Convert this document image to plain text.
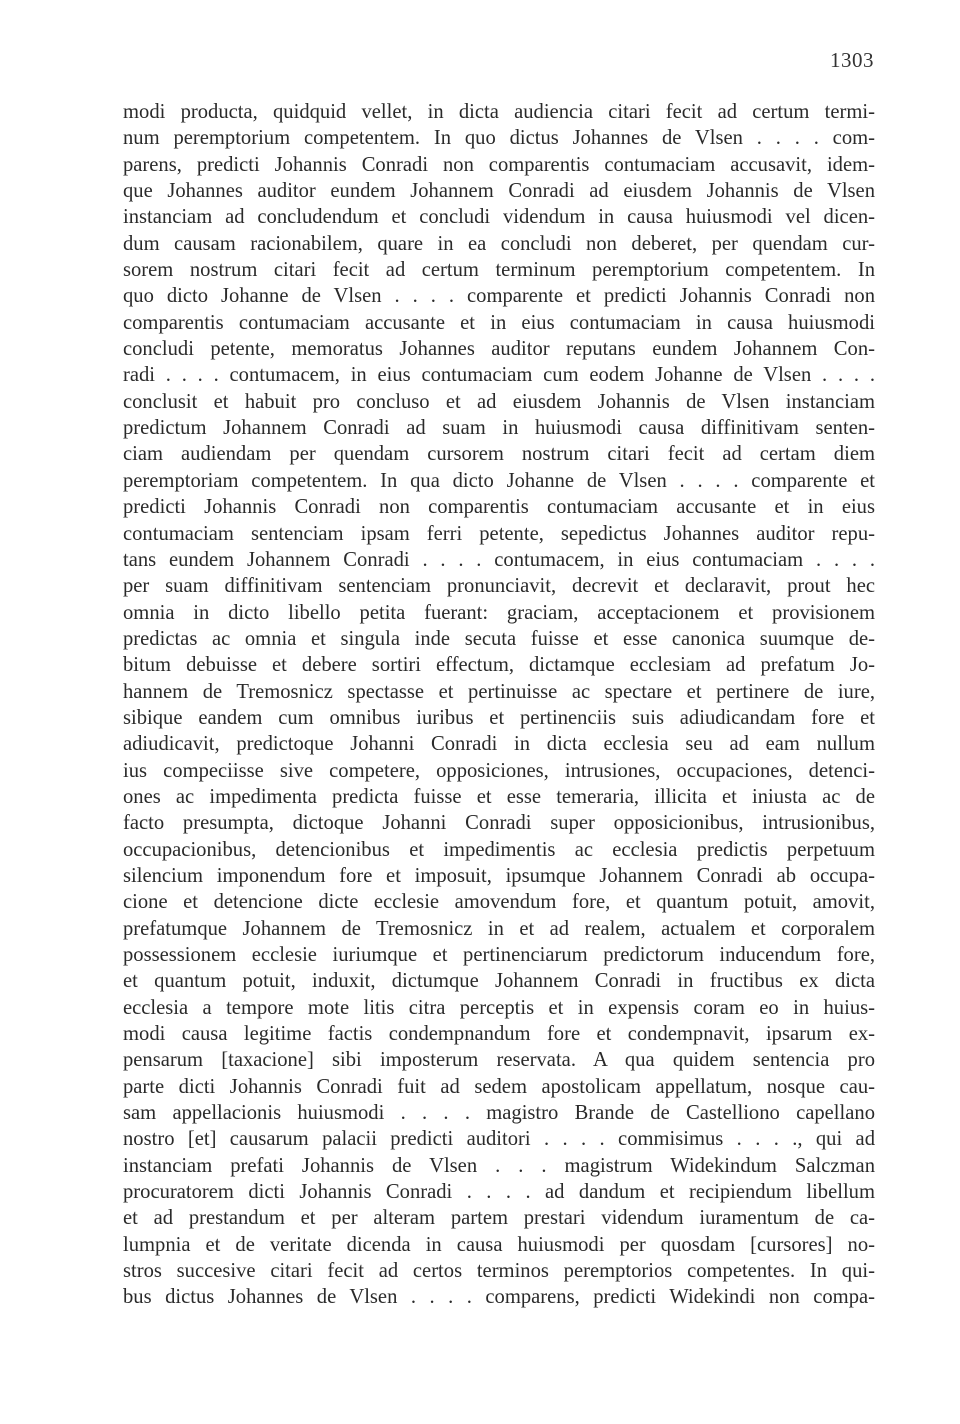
1303
modi producta, quidquid vellet, in dicta audiencia citari fecit ad certum termi-
num peremptorium competentem. In quo dictus Johannes de Vlsen . . . . com-
parens, predicti Johannis Conradi non comparentis contumaciam accusavit, idem-
que Johannes auditor eundem Johannem Conradi ad eiusdem Johannis de Vlsen
instanciam ad concludendum et concludi videndum in causa huiusmodi vel dicen-
dum causam racionabilem, quare in ea concludi non deberet, per quendam cur-
sorem nostrum citari fecit ad certum terminum peremptorium competentem. In
quo dicto Johanne de Vlsen . . . . comparente et predicti Johannis Conradi non
comparentis contumaciam accusante et in eius contumaciam in causa huiusmodi
concludi petente, memoratus Johannes auditor reputans eundem Johannem Con-
radi . . . . contumacem, in eius contumaciam cum eodem Johanne de Vlsen . . . .
conclusit et habuit pro concluso et ad eiusdem Johannis de Vlsen instanciam
predictum Johannem Conradi ad suam in huiusmodi causa diffinitivam senten-
ciam audiendam per quendam cursorem nostrum citari fecit ad certam diem
peremptoriam competentem. In qua dicto Johanne de Vlsen . . . . comparente et
predicti Johannis Conradi non comparentis contumaciam accusante et in eius
contumaciam sentenciam ipsam ferri petente, sepedictus Johannes auditor repu-
tans eundem Johannem Conradi . . . . contumacem, in eius contumaciam . . . .
per suam diffinitivam sentenciam pronunciavit, decrevit et declaravit, prout hec
omnia in dicto libello petita fuerant: graciam, acceptacionem et provisionem
predictas ac omnia et singula inde secuta fuisse et esse canonica suumque de-
bitum debuisse et debere sortiri effectum, dictamque ecclesiam ad prefatum Jo-
hannem de Tremosnicz spectasse et pertinuisse ac spectare et pertinere de iure,
sibique eandem cum omnibus iuribus et pertinenciis suis adiudicandam fore et
adiudicavit, predictoque Johanni Conradi in dicta ecclesia seu ad eam nullum
ius compeciisse sive competere, opposiciones, intrusiones, occupaciones, detenci-
ones ac impedimenta predicta fuisse et esse temeraria, illicita et iniusta ac de
facto presumpta, dictoque Johanni Conradi super opposicionibus, intrusionibus,
occupacionibus, detencionibus et impedimentis ac ecclesia predictis perpetuum
silencium imponendum fore et imposuit, ipsumque Johannem Conradi ab occupa-
cione et detencione dicte ecclesie amovendum fore, et quantum potuit, amovit,
prefatumque Johannem de Tremosnicz in et ad realem, actualem et corporalem
possessionem ecclesie iuriumque et pertinenciarum predictorum inducendum fore,
et quantum potuit, induxit, dictumque Johannem Conradi in fructibus ex dicta
ecclesia a tempore mote litis citra perceptis et in expensis coram eo in huius-
modi causa legitime factis condempnandum fore et condempnavit, ipsarum ex-
pensarum [taxacione] sibi imposterum reservata. A qua quidem sentencia pro
parte dicti Johannis Conradi fuit ad sedem apostolicam appellatum, nosque cau-
sam appellacionis huiusmodi . . . . magistro Brande de Castelliono capellano
nostro [et] causarum palacii predicti auditori . . . . commisimus . . . ., qui ad
instanciam prefati Johannis de Vlsen . . . magistrum Widekindum Salczman
procuratorem dicti Johannis Conradi . . . . ad dandum et recipiendum libellum
et ad prestandum et per alteram partem prestari videndum iuramentum de ca-
lumpnia et de veritate dicenda in causa huiusmodi per quosdam [cursores] no-
stros succesive citari fecit ad certos terminos peremptorios competentes. In qui-
bus dictus Johannes de Vlsen . . . . comparens, predicti Widekindi non compa-
